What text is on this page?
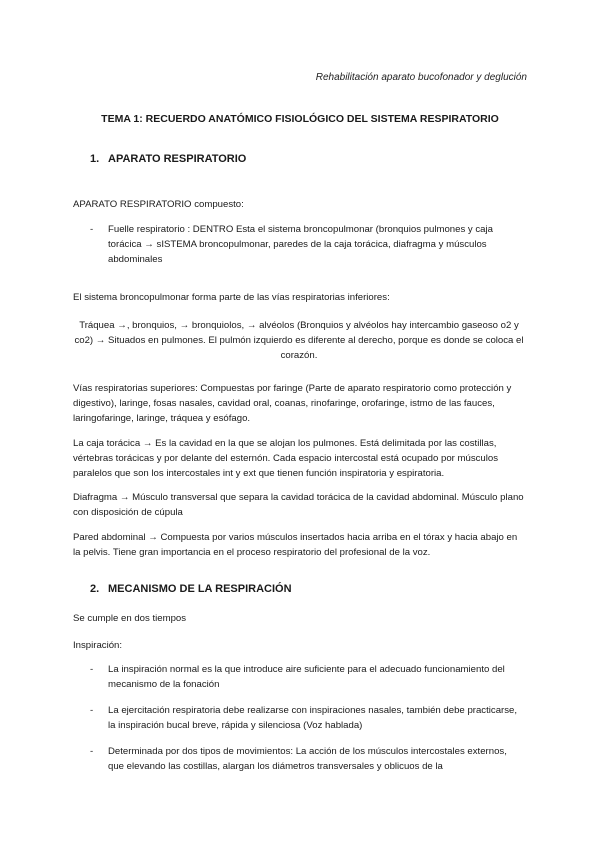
Rehabilitación aparato bucofonador y deglución
TEMA 1: RECUERDO ANATÓMICO FISIOLÓGICO DEL SISTEMA RESPIRATORIO
1. APARATO RESPIRATORIO

APARATO RESPIRATORIO compuesto:

- Fuelle respiratorio : DENTRO Esta el sistema broncopulmonar (bronquios pulmones y caja torácica → sISTEMA broncopulmonar, paredes de la caja torácica, diafragma y músculos abdominales

El sistema broncopulmonar forma parte de las vías respiratorias inferiores:

Tráquea →, bronquios, → bronquiolos, → alvéolos (Bronquios y alvéolos hay intercambio gaseoso o2 y co2) → Situados en pulmones. El pulmón izquierdo es diferente al derecho, porque es donde se coloca el corazón.

Vías respiratorias superiores: Compuestas por faringe (Parte de aparato respiratorio como protección y digestivo), laringe, fosas nasales, cavidad oral, coanas, rinofaringe, orofaringe, istmo de las fauces, laringofaringe, laringe, tráquea y esófago.

La caja torácica → Es la cavidad en la que se alojan los pulmones. Está delimitada por las costillas, vértebras torácicas y por delante del esternón. Cada espacio intercostal está ocupado por músculos paralelos que son los intercostales int y ext que tienen función inspiratoria y espiratoria.

Diafragma → Músculo transversal que separa la cavidad torácica de la cavidad abdominal. Músculo plano con disposición de cúpula

Pared abdominal → Compuesta por varios músculos insertados hacia arriba en el tórax y hacia abajo en la pelvis. Tiene gran importancia en el proceso respiratorio del profesional de la voz.

2. MECANISMO DE LA RESPIRACIÓN

Se cumple en dos tiempos

Inspiración:

- La inspiración normal es la que introduce aire suficiente para el adecuado funcionamiento del mecanismo de la fonación
- La ejercitación respiratoria debe realizarse con inspiraciones nasales, también debe practicarse, la inspiración bucal breve, rápida y silenciosa (Voz hablada)
- Determinada por dos tipos de movimientos: La acción de los músculos intercostales externos, que elevando las costillas, alargan los diámetros transversales y oblicuos de la
